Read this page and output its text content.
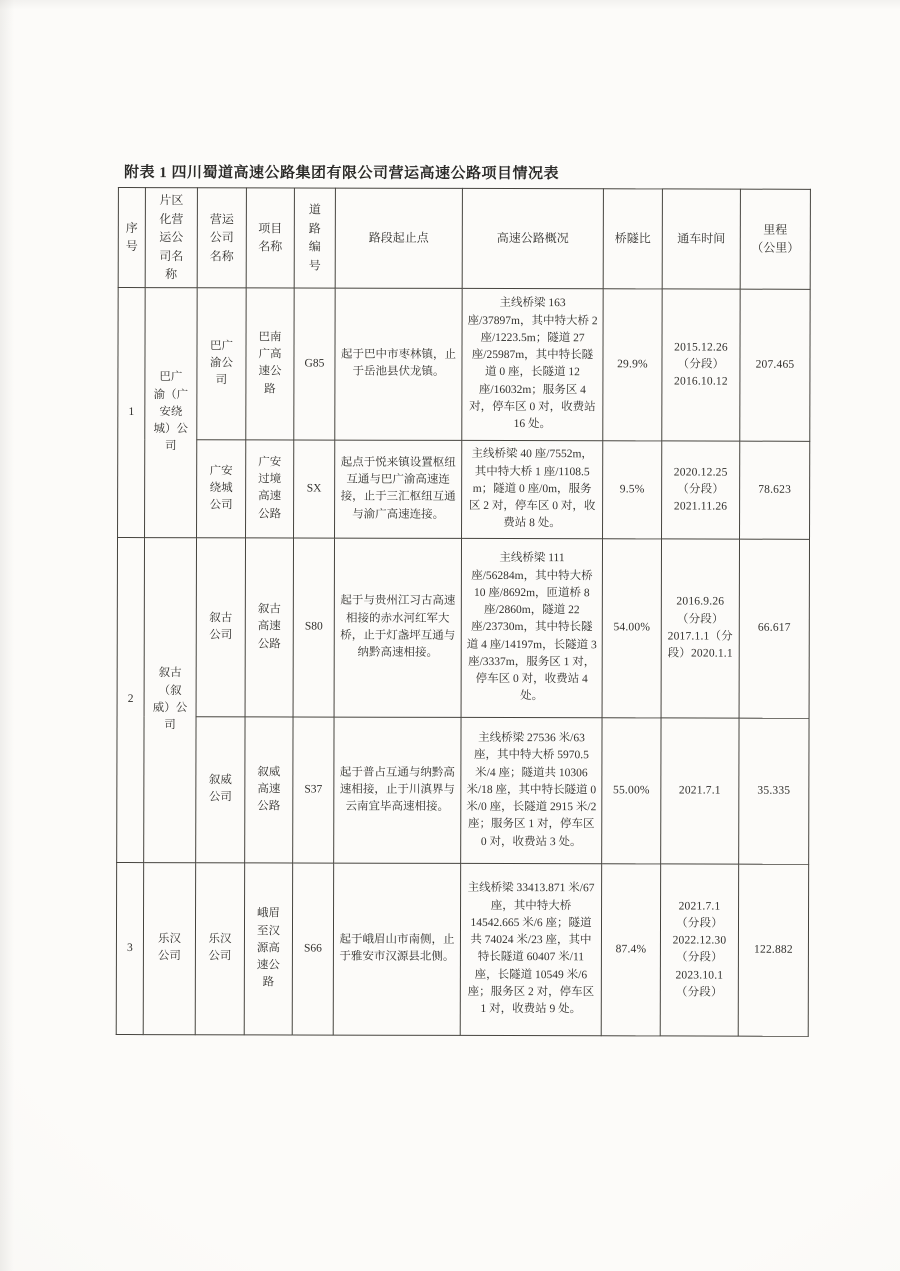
附表 1 四川蜀道高速公路集团有限公司营运高速公路项目情况表
序
号	片区
化营
运公
司名
称	营运
公司
名称	项目
名称	道
路
编
号	路段起止点	高速公路概况	桥隧比	通车时间	里程
（公里）
1	巴广
渝（广
安绕
城）公
司	巴广
渝公
司	巴南
广高
速公
路	G85	起于巴中市枣林镇，止于岳池县伏龙镇。	主线桥梁 163 座/37897m，其中特大桥 2 座/1223.5m；隧道 27 座/25987m，其中特长隧道 0 座，长隧道 12 座/16032m；服务区 4 对，停车区 0 对，收费站 16 处。	29.9%	2015.12.26
（分段）
2016.10.12	207.465
		广安
绕城
公司	广安
过境
高速
公路	SX	起点于悦来镇设置枢纽互通与巴广渝高速连接，止于三汇枢纽互通与渝广高速连接。	主线桥梁 40 座/7552m，其中特大桥 1 座/1108.5 m；隧道 0 座/0m，服务区 2 对，停车区 0 对，收费站 8 处。	9.5%	2020.12.25
（分段）
2021.11.26	78.623
2	叙古
（叙
威）公
司	叙古
公司	叙古
高速
公路	S80	起于与贵州江习古高速相接的赤水河红军大桥，止于灯盏坪互通与纳黔高速相接。	主线桥梁 111 座/56284m，其中特大桥 10 座/8692m，匝道桥 8 座/2860m，隧道 22 座/23730m，其中特长隧道 4 座/14197m，长隧道 3 座/3337m，服务区 1 对，停车区 0 对，收费站 4 处。	54.00%	2016.9.26
（分段）
2017.1.1（分
段）2020.1.1	66.617
		叙威
公司	叙威
高速
公路	S37	起于普占互通与纳黔高速相接，止于川滇界与云南宜毕高速相接。	主线桥梁 27536 米/63 座，其中特大桥 5970.5 米/4 座；隧道共 10306 米/18 座，其中特长隧道 0 米/0 座，长隧道 2915 米/2 座；服务区 1 对，停车区 0 对，收费站 3 处。	55.00%	2021.7.1	35.335
3	乐汉
公司	乐汉
公司	峨眉
至汉
源高
速公
路	S66	起于峨眉山市南侧，止于雅安市汉源县北侧。	主线桥梁 33413.871 米/67 座，其中特大桥 14542.665 米/6 座；隧道共 74024 米/23 座，其中特长隧道 60407 米/11 座，长隧道 10549 米/6 座；服务区 2 对，停车区 1 对，收费站 9 处。	87.4%	2021.7.1
（分段）
2022.12.30
（分段）
2023.10.1
（分段）	122.882
